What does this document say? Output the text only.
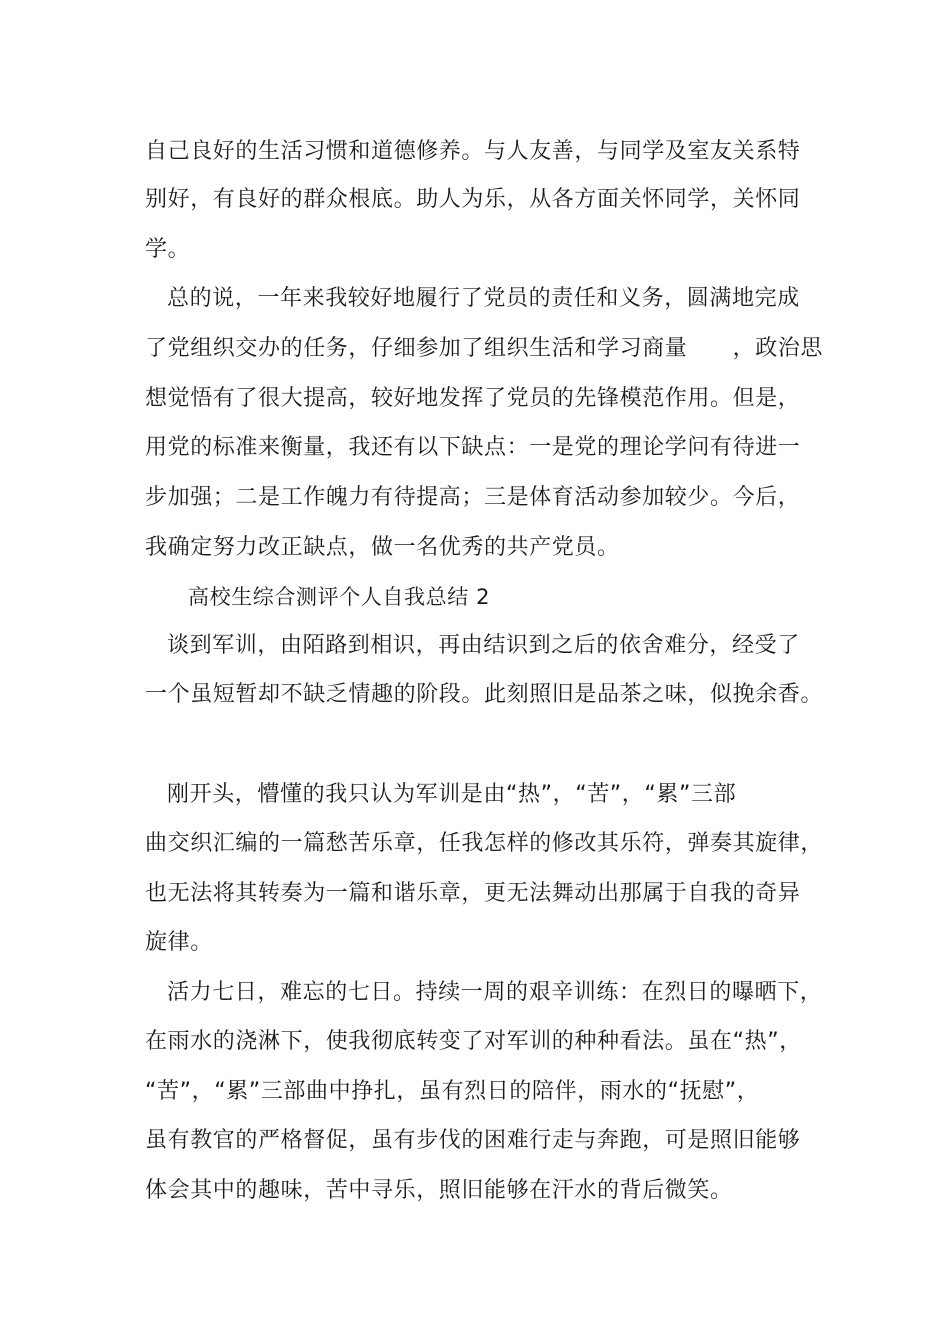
自己良好的生活习惯和道德修养。与人友善，与同学及室友关系特
别好，有良好的群众根底。助人为乐，从各方面关怀同学，关怀同
学。
总的说，一年来我较好地履行了党员的责任和义务，圆满地完成
了党组织交办的任务，仔细参加了组织生活和学习商量　　，政治思
想觉悟有了很大提高，较好地发挥了党员的先锋模范作用。但是，
用党的标准来衡量，我还有以下缺点：一是党的理论学问有待进一
步加强；二是工作魄力有待提高；三是体育活动参加较少。今后，
我确定努力改正缺点，做一名优秀的共产党员。
高校生综合测评个人自我总结 2
谈到军训，由陌路到相识，再由结识到之后的依舍难分，经受了
一个虽短暂却不缺乏情趣的阶段。此刻照旧是品茶之味，似挽余香。
刚开头，懵懂的我只认为军训是由“热”，“苦”，“累”三部
曲交织汇编的一篇愁苦乐章，任我怎样的修改其乐符，弹奏其旋律，
也无法将其转奏为一篇和谐乐章，更无法舞动出那属于自我的奇异
旋律。
活力七日，难忘的七日。持续一周的艰辛训练：在烈日的曝晒下，
在雨水的浇淋下，使我彻底转变了对军训的种种看法。虽在“热”，
“苦”，“累”三部曲中挣扎，虽有烈日的陪伴，雨水的“抚慰”，
虽有教官的严格督促，虽有步伐的困难行走与奔跑，可是照旧能够
体会其中的趣味，苦中寻乐，照旧能够在汗水的背后微笑。
